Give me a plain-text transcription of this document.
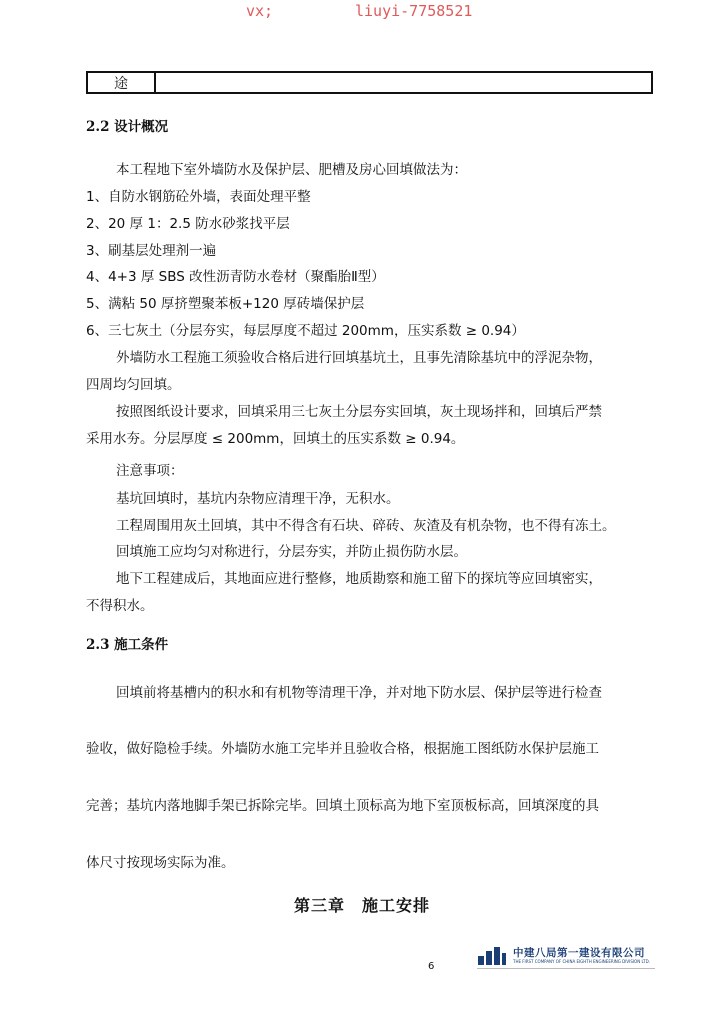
vx;	liuyi-7758521
途
2.2 设计概况
本工程地下室外墙防水及保护层、肥槽及房心回填做法为：
1、自防水钢筋砼外墙，表面处理平整
2、20 厚 1：2.5 防水砂浆找平层
3、刷基层处理剂一遍
4、4+3 厚 SBS 改性沥青防水卷材（聚酯胎Ⅱ型）
5、满粘 50 厚挤塑聚苯板+120 厚砖墙保护层
6、三七灰土（分层夯实，每层厚度不超过 200mm，压实系数 ≥ 0.94）
外墙防水工程施工须验收合格后进行回填基坑土，且事先清除基坑中的浮泥杂物，
四周均匀回填。
按照图纸设计要求，回填采用三七灰土分层夯实回填，灰土现场拌和，回填后严禁
采用水夯。分层厚度 ≤ 200mm，回填土的压实系数 ≥ 0.94。
注意事项：
基坑回填时，基坑内杂物应清理干净，无积水。
工程周围用灰土回填，其中不得含有石块、碎砖、灰渣及有机杂物，也不得有冻土。
回填施工应均匀对称进行，分层夯实，并防止损伤防水层。
地下工程建成后，其地面应进行整修，地质勘察和施工留下的探坑等应回填密实，
不得积水。
2.3 施工条件
回填前将基槽内的积水和有机物等清理干净，并对地下防水层、保护层等进行检查
验收，做好隐检手续。外墙防水施工完毕并且验收合格，根据施工图纸防水保护层施工
完善；基坑内落地脚手架已拆除完毕。回填土顶标高为地下室顶板标高，回填深度的具
体尺寸按现场实际为准。
第三章　施工安排
中建八局第一建设有限公司
THE FIRST COMPANY OF CHINA EIGHTH ENGINEERING DIVISION LTD.
6
